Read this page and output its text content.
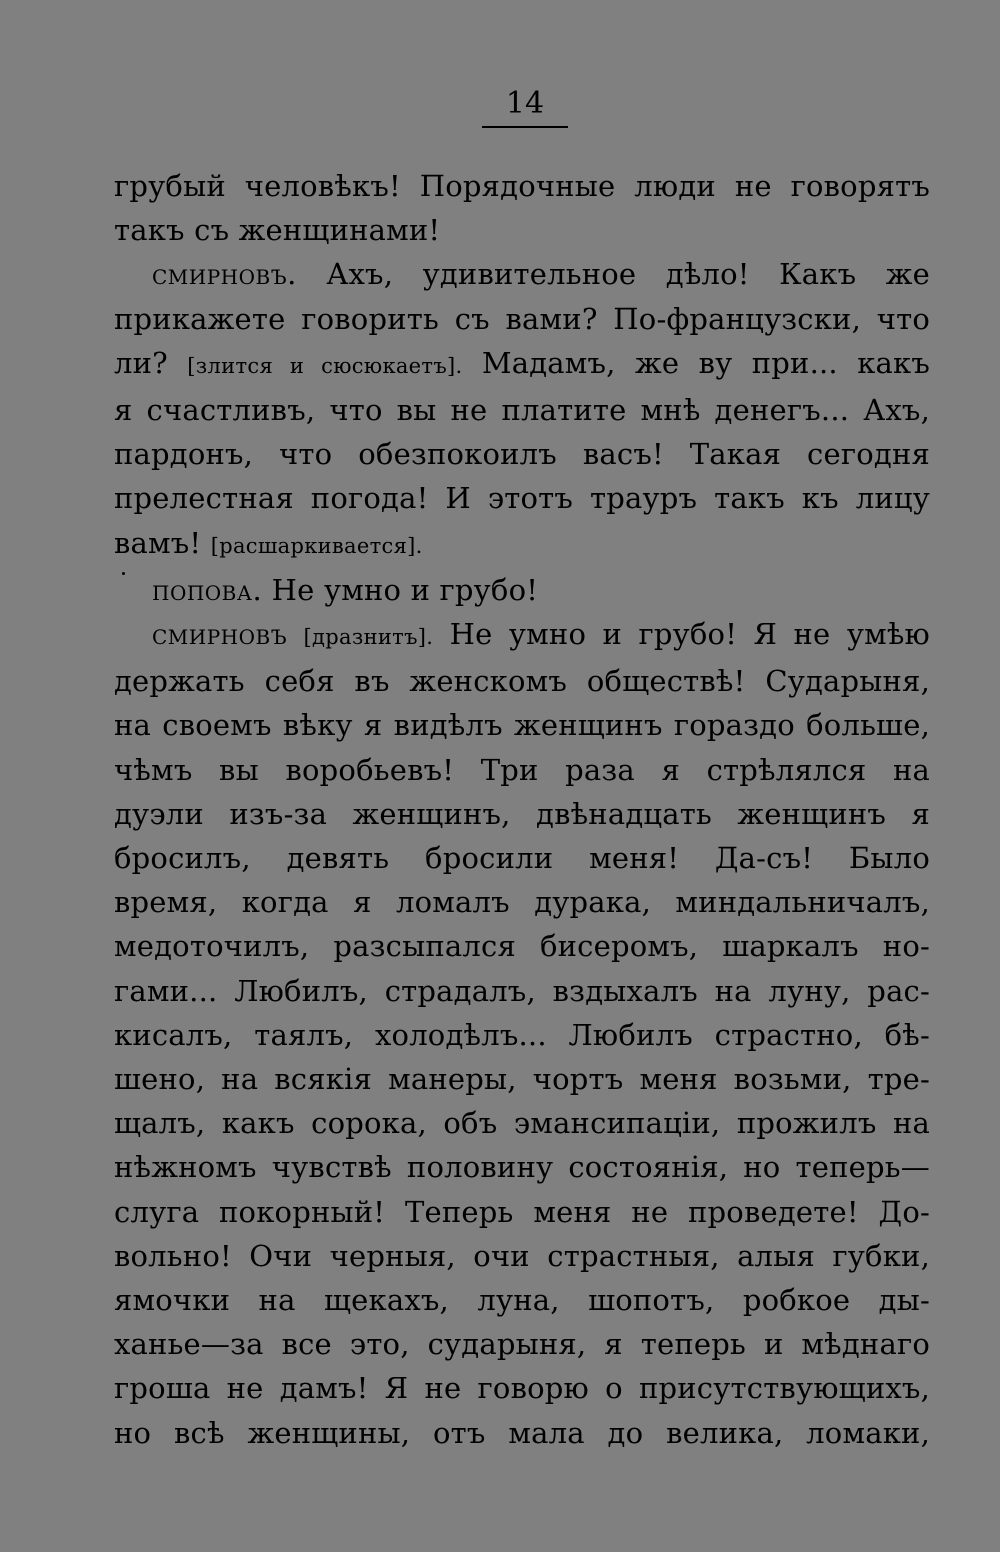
14

грубый человѣкъ! Порядочные люди не говорятъ

такъ съ женщинами!

смирновъ. Ахъ, удивительное дѣло! Какъ же

прикажете говорить съ вами? По-французски, что

ли? [злится и сюсюкаетъ]. Мадамъ, же ву при... какъ

я счастливъ, что вы не платите мнѣ денегъ... Ахъ,

пардонъ, что обезпокоилъ васъ! Такая сегодня

прелестная погода! И этотъ трауръ такъ къ лицу

вамъ! [расшаркивается].

попова. Не умно и грубо!

смирновъ [дразнитъ]. Не умно и грубо! Я не умѣю

держать себя въ женскомъ обществѣ! Сударыня,

на своемъ вѣку я видѣлъ женщинъ гораздо больше,

чѣмъ вы воробьевъ! Три раза я стрѣлялся на

дуэли изъ-за женщинъ, двѣнадцать женщинъ я

бросилъ, девять бросили меня! Да-съ! Было

время, когда я ломалъ дурака, миндальничалъ,

медоточилъ, разсыпался бисеромъ, шаркалъ но-

гами... Любилъ, страдалъ, вздыхалъ на луну, рас-

кисалъ, таялъ, холодѣлъ... Любилъ страстно, бѣ-

шено, на всякія манеры, чортъ меня возьми, тре-

щалъ, какъ сорока, объ эмансипаціи, прожилъ на

нѣжномъ чувствѣ половину состоянія, но теперь—

слуга покорный! Теперь меня не проведете! До-

вольно! Очи черныя, очи страстныя, алыя губки,

ямочки на щекахъ, луна, шопотъ, робкое ды-

ханье—за все это, сударыня, я теперь и мѣднаго

гроша не дамъ! Я не говорю о присутствующихъ,

но всѣ женщины, отъ мала до велика, ломаки,
